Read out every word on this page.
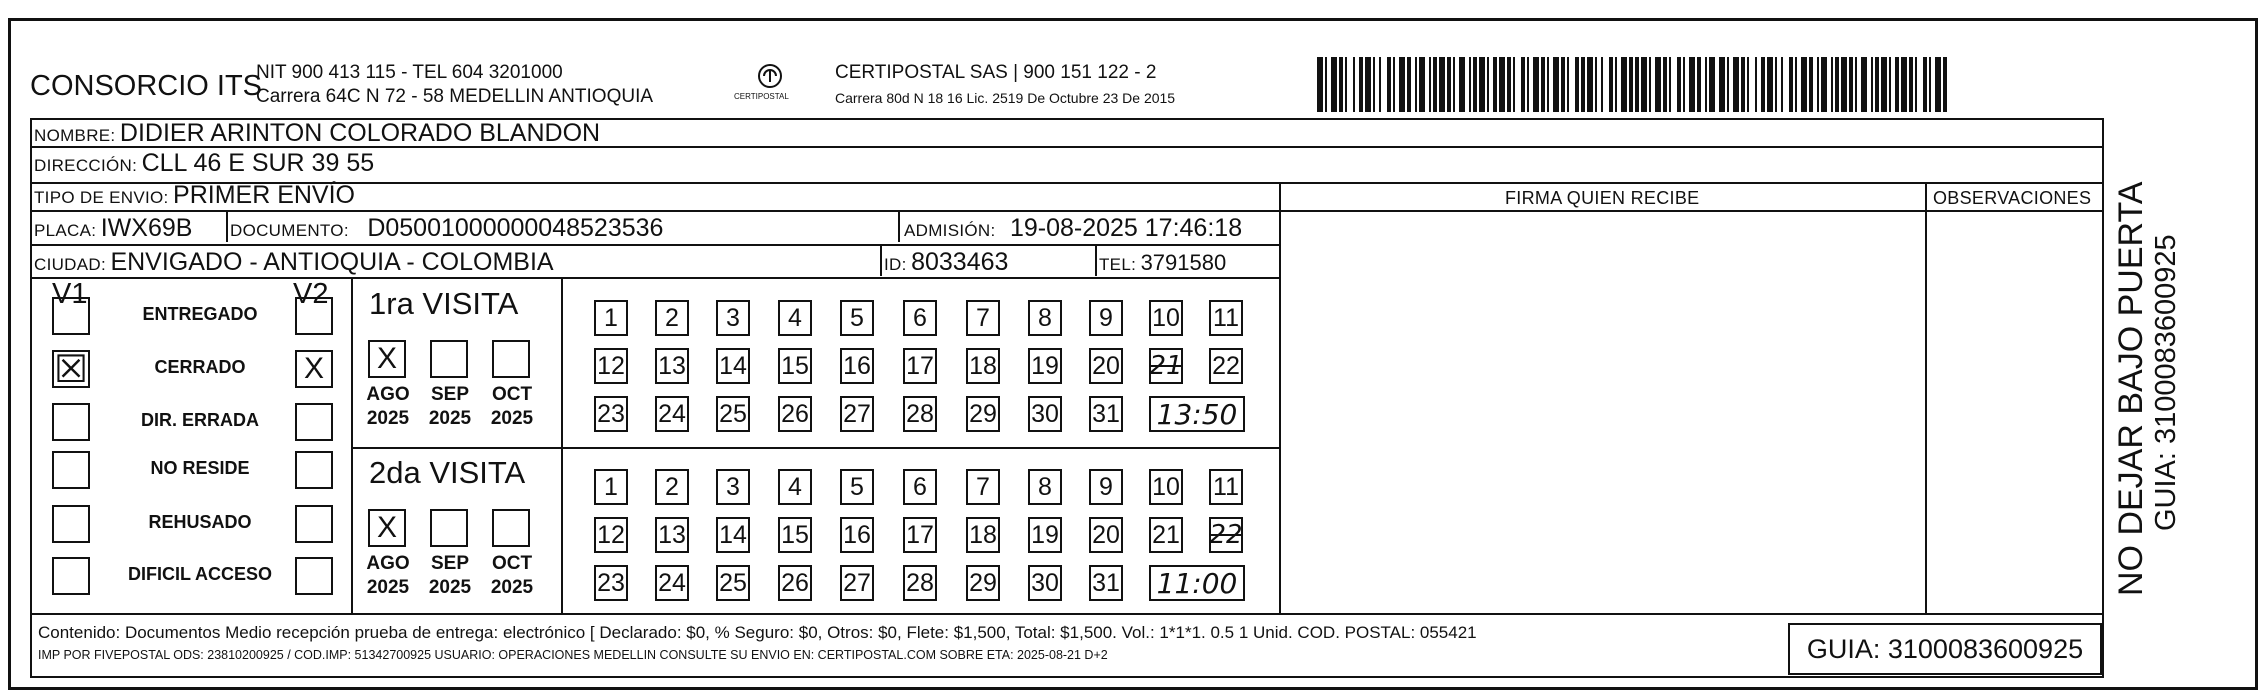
CONSORCIO ITS
NIT 900 413 115 - TEL 604 3201000
Carrera 64C N 72 - 58 MEDELLIN ANTIOQUIA	CERTIPOSTAL
CERTIPOSTAL SAS | 900 151 122 - 2
Carrera 80d N 18 16 Lic. 2519 De Octubre 23 De 2015
NOMBRE: DIDIER ARINTON COLORADO BLANDON
DIRECCIÓN: CLL 46 E SUR 39 55
TIPO DE ENVIO: PRIMER ENVÍO	FIRMA QUIEN RECIBE	OBSERVACIONES
PLACA: IWX69B DOCUMENTO: D05001000000048523536	ADMISIÓN: 19-08-2025 17:46:18
CIUDAD: ENVIGADO - ANTIOQUIA - COLOMBIA	ID: 8033463	TEL: 3791580
V1	V2
ENTREGADO
☒	CERRADO	X
DIR. ERRADA
NO RESIDE
REHUSADO
DIFICIL ACCESO
1ra VISITA
X
AGO
2025
SEP
2025
OCT
2025
1 2 3 4 5 6 7 8 9 10 11
12 13 14 15 16 17 18 19 20 21 22
23 24 25 26 27 28 29 30 31 13:50
2da VISITA
X
AGO
2025
SEP
2025
OCT
2025
1 2 3 4 5 6 7 8 9 10 11
12 13 14 15 16 17 18 19 20 21 22
23 24 25 26 27 28 29 30 31 11:00
Contenido: Documentos Medio recepción prueba de entrega: electrónico [ Declarado: $0, % Seguro: $0, Otros: $0, Flete: $1,500, Total: $1,500. Vol.: 1*1*1. 0.5 1 Unid. COD. POSTAL: 055421
IMP POR FIVEPOSTAL ODS: 23810200925 / COD.IMP: 51342700925 USUARIO: OPERACIONES MEDELLIN CONSULTE SU ENVIO EN: CERTIPOSTAL.COM SOBRE ETA: 2025-08-21 D+2	GUIA: 3100083600925
NO DEJAR BAJO PUERTA GUIA: 3100083600925
